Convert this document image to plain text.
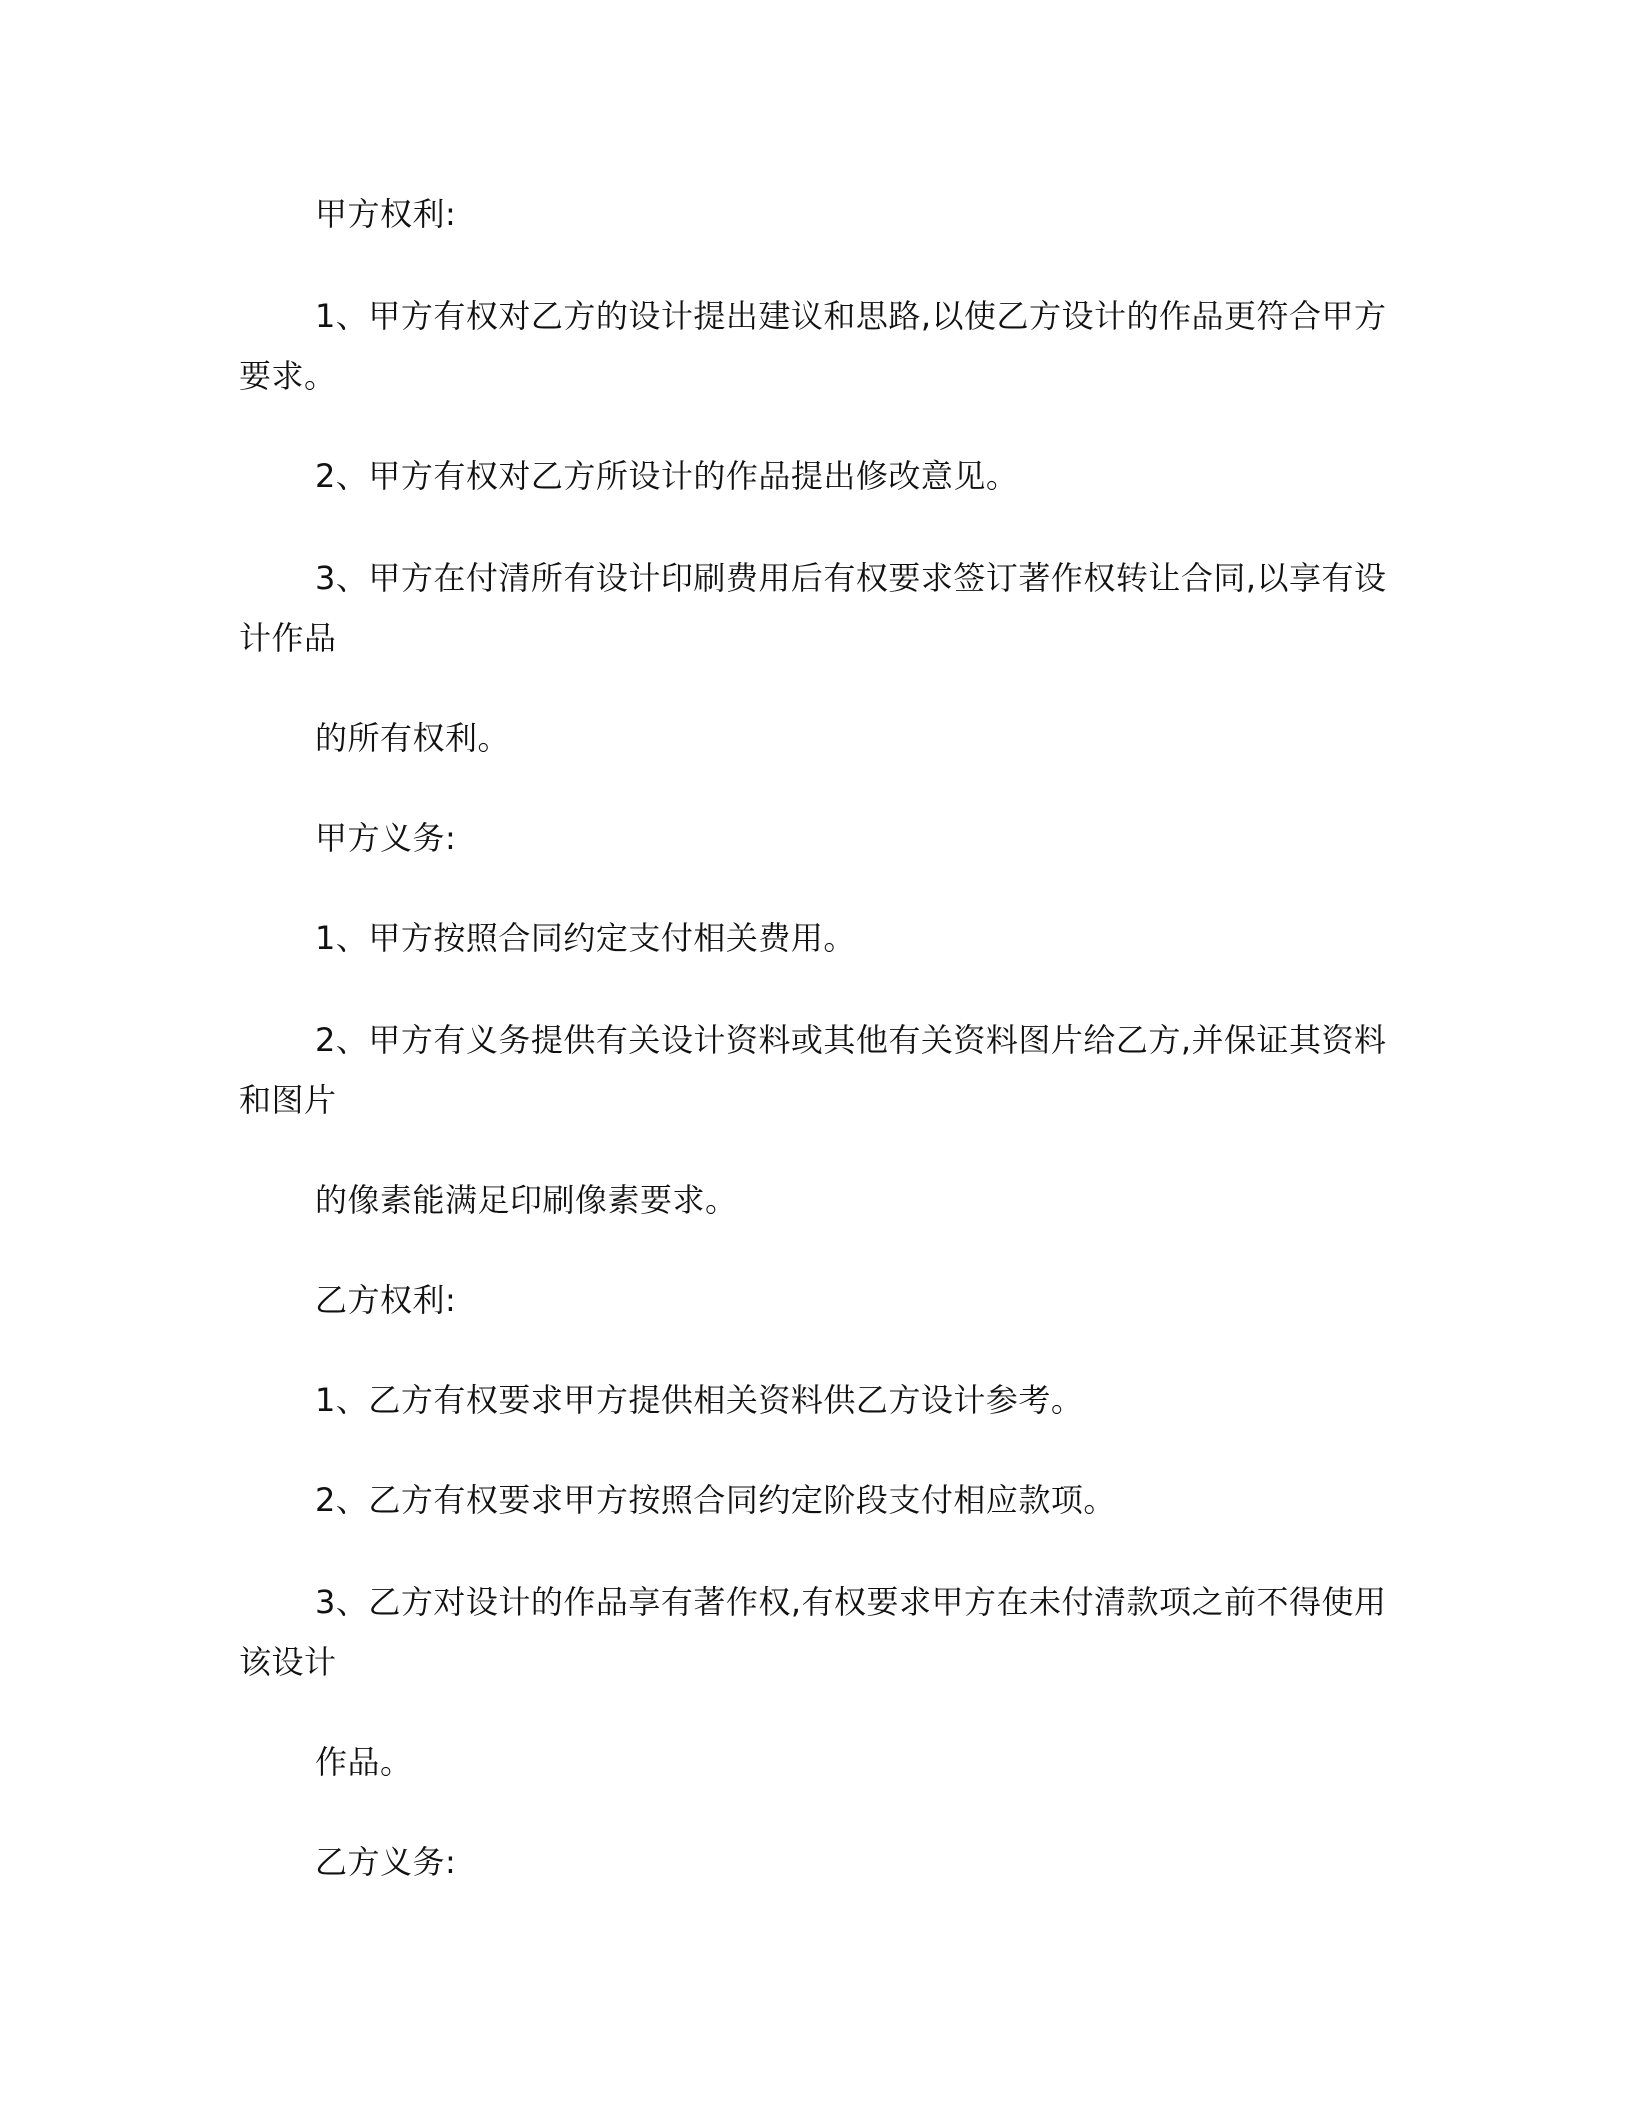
甲方权利:
1、甲方有权对乙方的设计提出建议和思路,以使乙方设计的作品更符合甲方
要求。
2、甲方有权对乙方所设计的作品提出修改意见。
3、甲方在付清所有设计印刷费用后有权要求签订著作权转让合同,以享有设
计作品
的所有权利。
甲方义务:
1、甲方按照合同约定支付相关费用。
2、甲方有义务提供有关设计资料或其他有关资料图片给乙方,并保证其资料
和图片
的像素能满足印刷像素要求。
乙方权利:
1、乙方有权要求甲方提供相关资料供乙方设计参考。
2、乙方有权要求甲方按照合同约定阶段支付相应款项。
3、乙方对设计的作品享有著作权,有权要求甲方在未付清款项之前不得使用
该设计
作品。
乙方义务:
